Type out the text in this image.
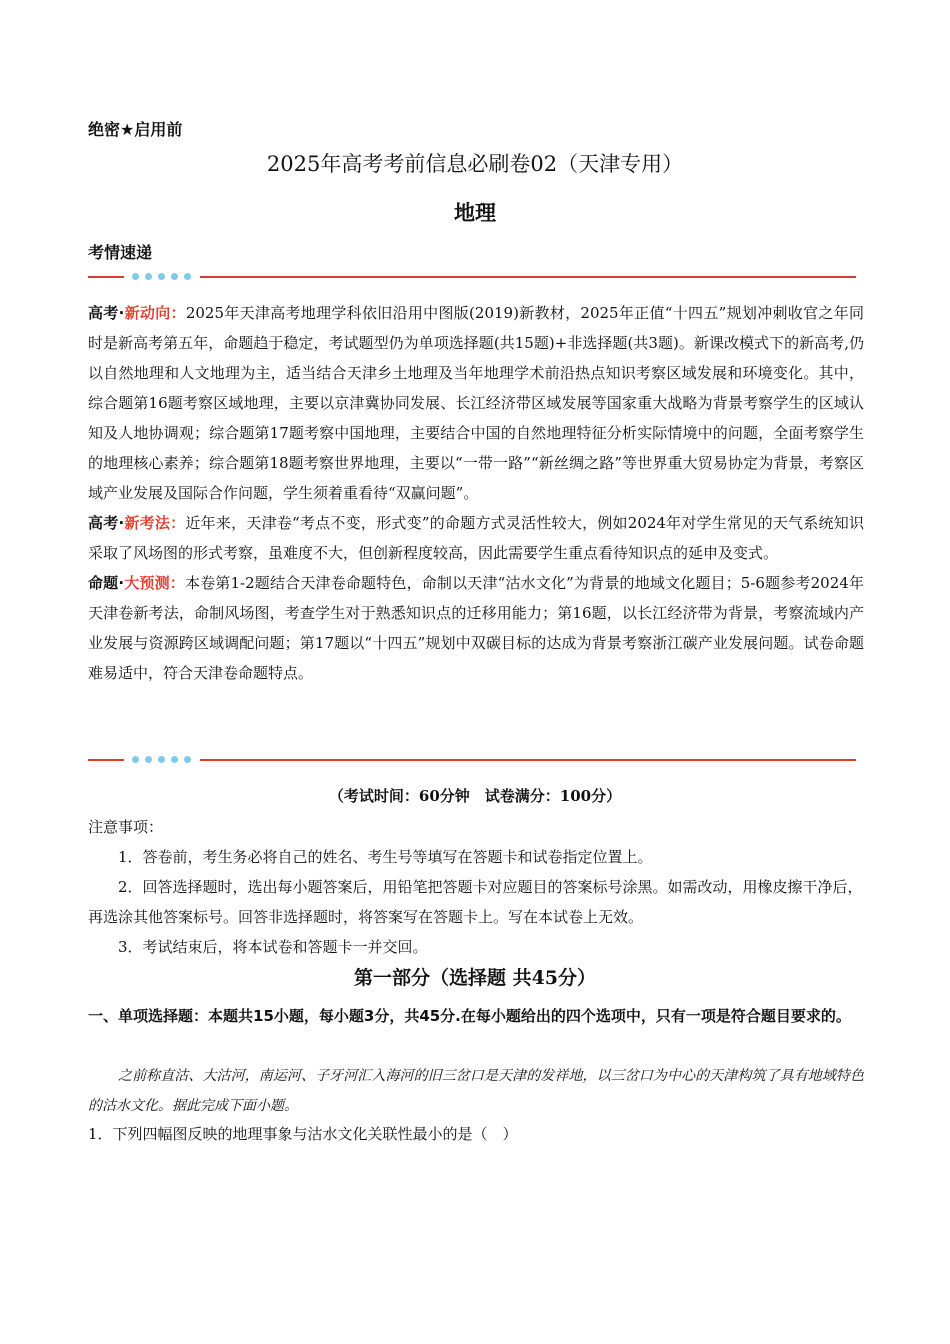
绝密★启用前
2025年高考考前信息必刷卷02（天津专用）
地理
考情速递

高考·新动向：2025年天津高考地理学科依旧沿用中图版(2019)新教材，2025年正值“十四五”规划冲刺收官之年同时是新高考第五年，命题趋于稳定，考试题型仍为单项选择题(共15题)+非选择题(共3题)。新课改模式下的新高考,仍以自然地理和人文地理为主，适当结合天津乡土地理及当年地理学术前沿热点知识考察区域发展和环境变化。其中，综合题第16题考察区域地理，主要以京津冀协同发展、长江经济带区域发展等国家重大战略为背景考察学生的区域认知及人地协调观；综合题第17题考察中国地理，主要结合中国的自然地理特征分析实际情境中的问题，全面考察学生的地理核心素养；综合题第18题考察世界地理，主要以“一带一路”“新丝绸之路”等世界重大贸易协定为背景，考察区域产业发展及国际合作问题，学生须着重看待“双赢问题”。

高考·新考法：近年来，天津卷“考点不变，形式变”的命题方式灵活性较大，例如2024年对学生常见的天气系统知识采取了风场图的形式考察，虽难度不大，但创新程度较高，因此需要学生重点看待知识点的延申及变式。

命题·大预测：本卷第1-2题结合天津卷命题特色，命制以天津“沽水文化”为背景的地域文化题目；5-6题参考2024年天津卷新考法，命制风场图，考查学生对于熟悉知识点的迁移用能力；第16题，以长江经济带为背景，考察流域内产业发展与资源跨区域调配问题；第17题以“十四五”规划中双碳目标的达成为背景考察浙江碳产业发展问题。试卷命题难易适中，符合天津卷命题特点。

（考试时间：60分钟　试卷满分：100分）

注意事项：

1．答卷前，考生务必将自己的姓名、考生号等填写在答题卡和试卷指定位置上。

2．回答选择题时，选出每小题答案后，用铅笔把答题卡对应题目的答案标号涂黑。如需改动，用橡皮擦干净后，再选涂其他答案标号。回答非选择题时，将答案写在答题卡上。写在本试卷上无效。

3．考试结束后，将本试卷和答题卡一并交回。

第一部分（选择题 共45分）
一、单项选择题：本题共15小题，每小题3分，共45分.在每小题给出的四个选项中，只有一项是符合题目要求的。
之前称直沽、大沽河，南运河、子牙河汇入海河的旧三岔口是天津的发祥地，以三岔口为中心的天津构筑了具有地域特色的沽水文化。据此完成下面小题。
1．下列四幅图反映的地理事象与沽水文化关联性最小的是（　）
